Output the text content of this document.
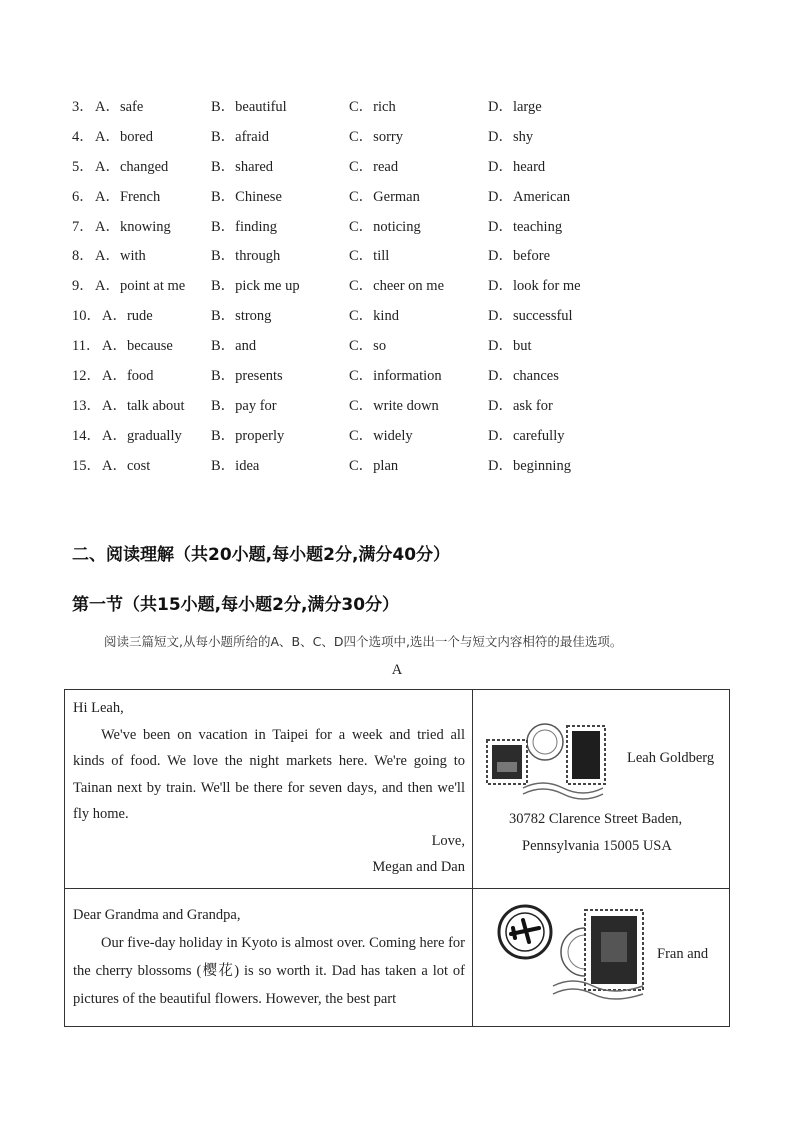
3． A．safe	B．beautiful	C．rich	D．large
4． A．bored	B．afraid	C．sorry	D．shy
5． A．changed	B．shared	C．read	D．heard
6． A．French	B．Chinese	C．German	D．American
7． A．knowing	B．finding	C．noticing	D．teaching
8． A．with	B．through	C．till	D．before
9． A．point at me B．pick me up	C．cheer on me	D．look for me
10． A．rude	B．strong	C．kind	D．successful
11． A．because	B．and	C．so	D．but
12． A．food	B．presents	C．information	D．chances
13． A．talk about B．pay for	C．write down	D．ask for
14． A．gradually B．properly	C．widely	D．carefully
15． A．cost	B．idea	C．plan	D．beginning
二、阅读理解（共20小题,每小题2分,满分40分）
第一节（共15小题,每小题2分,满分30分）
阅读三篇短文,从每小题所给的A、B、C、D四个选项中,选出一个与短文内容相符的最佳选项。
A
Hi Leah,
We've been on vacation in Taipei for a week and tried all kinds of food. We love the night markets here. We're going to Tainan next by train. We'll be there for seven days, and then we'll fly home.
Love,
Megan and Dan
Leah Goldberg
30782 Clarence Street Baden,
Pennsylvania 15005 USA
Dear Grandma and Grandpa,
Our five-day holiday in Kyoto is almost over. Coming here for the cherry blossoms (樱花) is so worth it. Dad has taken a lot of pictures of the beautiful flowers. However, the best part
Fran and
